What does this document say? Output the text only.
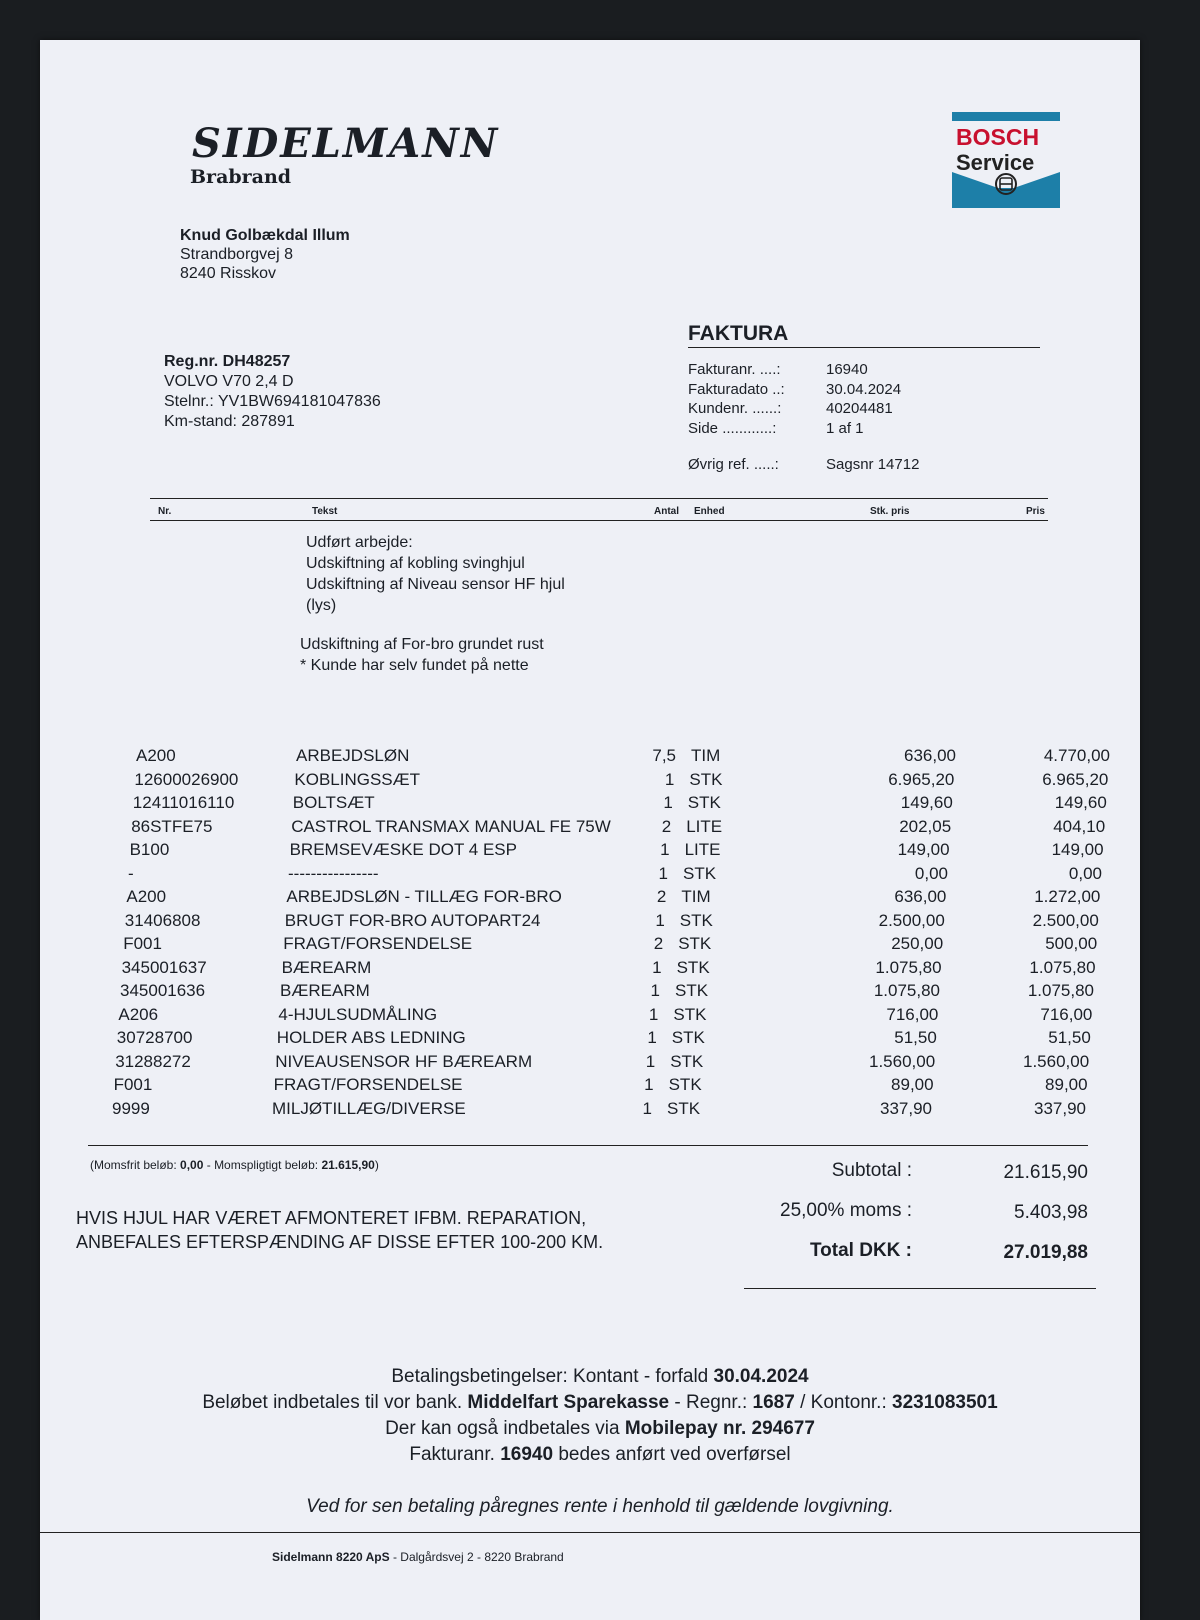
SIDELMANN
Brabrand
BOSCH
Service
Knud Golbækdal Illum
Strandborgvej 8
8240 Risskov
Reg.nr. DH48257
VOLVO V70 2,4 D
Stelnr.: YV1BW694181047836
Km-stand: 287891
FAKTURA
Fakturanr. ....:	16940
Fakturadato ..:	30.04.2024
Kundenr. ......:	40204481
Side ............:	1 af 1
Øvrig ref. .....:	Sagsnr 14712
Nr.	Tekst	Antal Enhed	Stk. pris	Pris
Udført arbejde:
Udskiftning af kobling svinghjul
Udskiftning af Niveau sensor HF hjul
(lys)
Udskiftning af For-bro grundet rust
* Kunde har selv fundet på nette
A200	ARBEJDSLØN	7,5 TIM	636,00	4.770,00
12600026900	KOBLINGSSÆT	1 STK	6.965,20	6.965,20
12411016110	BOLTSÆT	1 STK	149,60	149,60
86STFE75	CASTROL TRANSMAX MANUAL FE 75W	2 LITE	202,05	404,10
B100	BREMSEVÆSKE DOT 4 ESP	1 LITE	149,00	149,00
-	----------------	1 STK	0,00	0,00
A200	ARBEJDSLØN - TILLÆG FOR-BRO	2 TIM	636,00	1.272,00
31406808	BRUGT FOR-BRO AUTOPART24	1 STK	2.500,00	2.500,00
F001	FRAGT/FORSENDELSE	2 STK	250,00	500,00
345001637	BÆREARM	1 STK	1.075,80	1.075,80
345001636	BÆREARM	1 STK	1.075,80	1.075,80
A206	4-HJULSUDMÅLING	1 STK	716,00	716,00
30728700	HOLDER ABS LEDNING	1 STK	51,50	51,50
31288272	NIVEAUSENSOR HF BÆREARM	1 STK	1.560,00	1.560,00
F001	FRAGT/FORSENDELSE	1 STK	89,00	89,00
9999	MILJØTILLÆG/DIVERSE	1 STK	337,90	337,90
(Momsfrit beløb: 0,00 - Momspligtigt beløb: 21.615,90)
HVIS HJUL HAR VÆRET AFMONTERET IFBM. REPARATION,
ANBEFALES EFTERSPÆNDING AF DISSE EFTER 100-200 KM.
Subtotal :	21.615,90
25,00% moms :	5.403,98
Total DKK :	27.019,88
Betalingsbetingelser: Kontant - forfald 30.04.2024
Beløbet indbetales til vor bank. Middelfart Sparekasse - Regnr.: 1687 / Kontonr.: 3231083501
Der kan også indbetales via Mobilepay nr. 294677
Fakturanr. 16940 bedes anført ved overførsel
Ved for sen betaling påregnes rente i henhold til gældende lovgivning.
Sidelmann 8220 ApS - Dalgårdsvej 2 - 8220 Brabrand
